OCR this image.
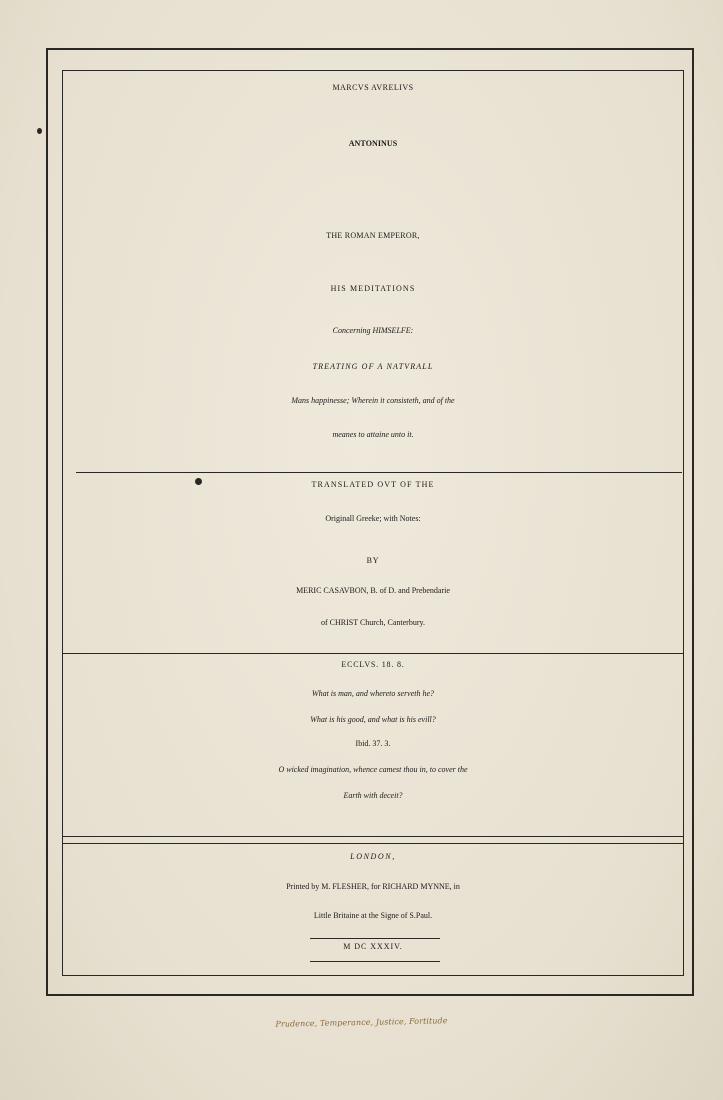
MARCVS AVRELIVS
ANTONINUS
THE ROMAN EMPEROR,
HIS MEDITATIONS
Concerning HIMSELFE:
TREATING OF A NATVRALL
Mans happinesse; Wherein it consisteth, and of the
meanes to attaine unto it.
TRANSLATED OVT OF THE
Originall Greeke; with Notes:
BY
MERIC CASAVBON, B. of D. and Prebendarie
of CHRIST Church, Canterbury.
ECCLVS. 18. 8.
What is man, and whereto serveth he?
What is his good, and what is his evill?
Ibid. 37. 3.
O wicked imagination, whence camest thou in, to cover the
Earth with deceit?
LONDON,
Printed by M. FLESHER, for RICHARD MYNNE, in
Little Britaine at the Signe of S.Paul.
M DC XXXIV.
Prudence, Temperance, Justice, Fortitude
